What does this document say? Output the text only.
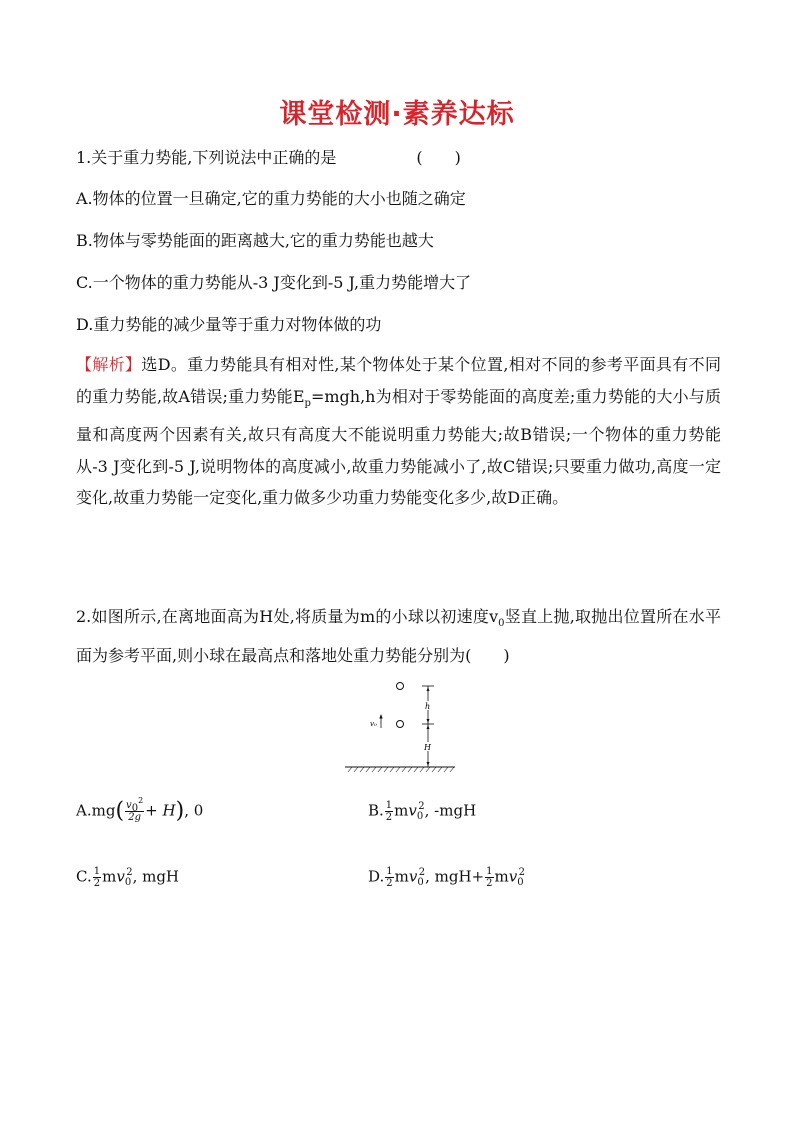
课堂检测·素养达标
1.关于重力势能,下列说法中正确的是	(　　)
A.物体的位置一旦确定,它的重力势能的大小也随之确定
B.物体与零势能面的距离越大,它的重力势能也越大
C.一个物体的重力势能从-3 J变化到-5 J,重力势能增大了
D.重力势能的减少量等于重力对物体做的功
【解析】选D。重力势能具有相对性,某个物体处于某个位置,相对不同的参考平面具有不同的重力势能,故A错误;重力势能$E_p=mgh,h$为相对于零势能面的高度差;重力势能的大小与质量和高度两个因素有关,故只有高度大不能说明重力势能大;故B错误;一个物体的重力势能从-3 J变化到-5 J,说明物体的高度减小,故重力势能减小了,故C错误;只要重力做功,高度一定变化,故重力势能一定变化,重力做多少功重力势能变化多少,故D正确。
2.如图所示,在离地面高为H处,将质量为m的小球以初速度$v_0$竖直上抛,取抛出位置所在水平面为参考平面,则小球在最高点和落地处重力势能分别为(　　)
v₀
h
H
$A.mg( \frac{v0^2}{2g} + H)$, 0	B. $\frac{1}{2} mv_0^2$, -mgH
C. $\frac{1}{2} mv_0^2$, mgH	D. $\frac{1}{2} mv_0^2$, $mgH+ \frac{1}{2} mv_0^2$
